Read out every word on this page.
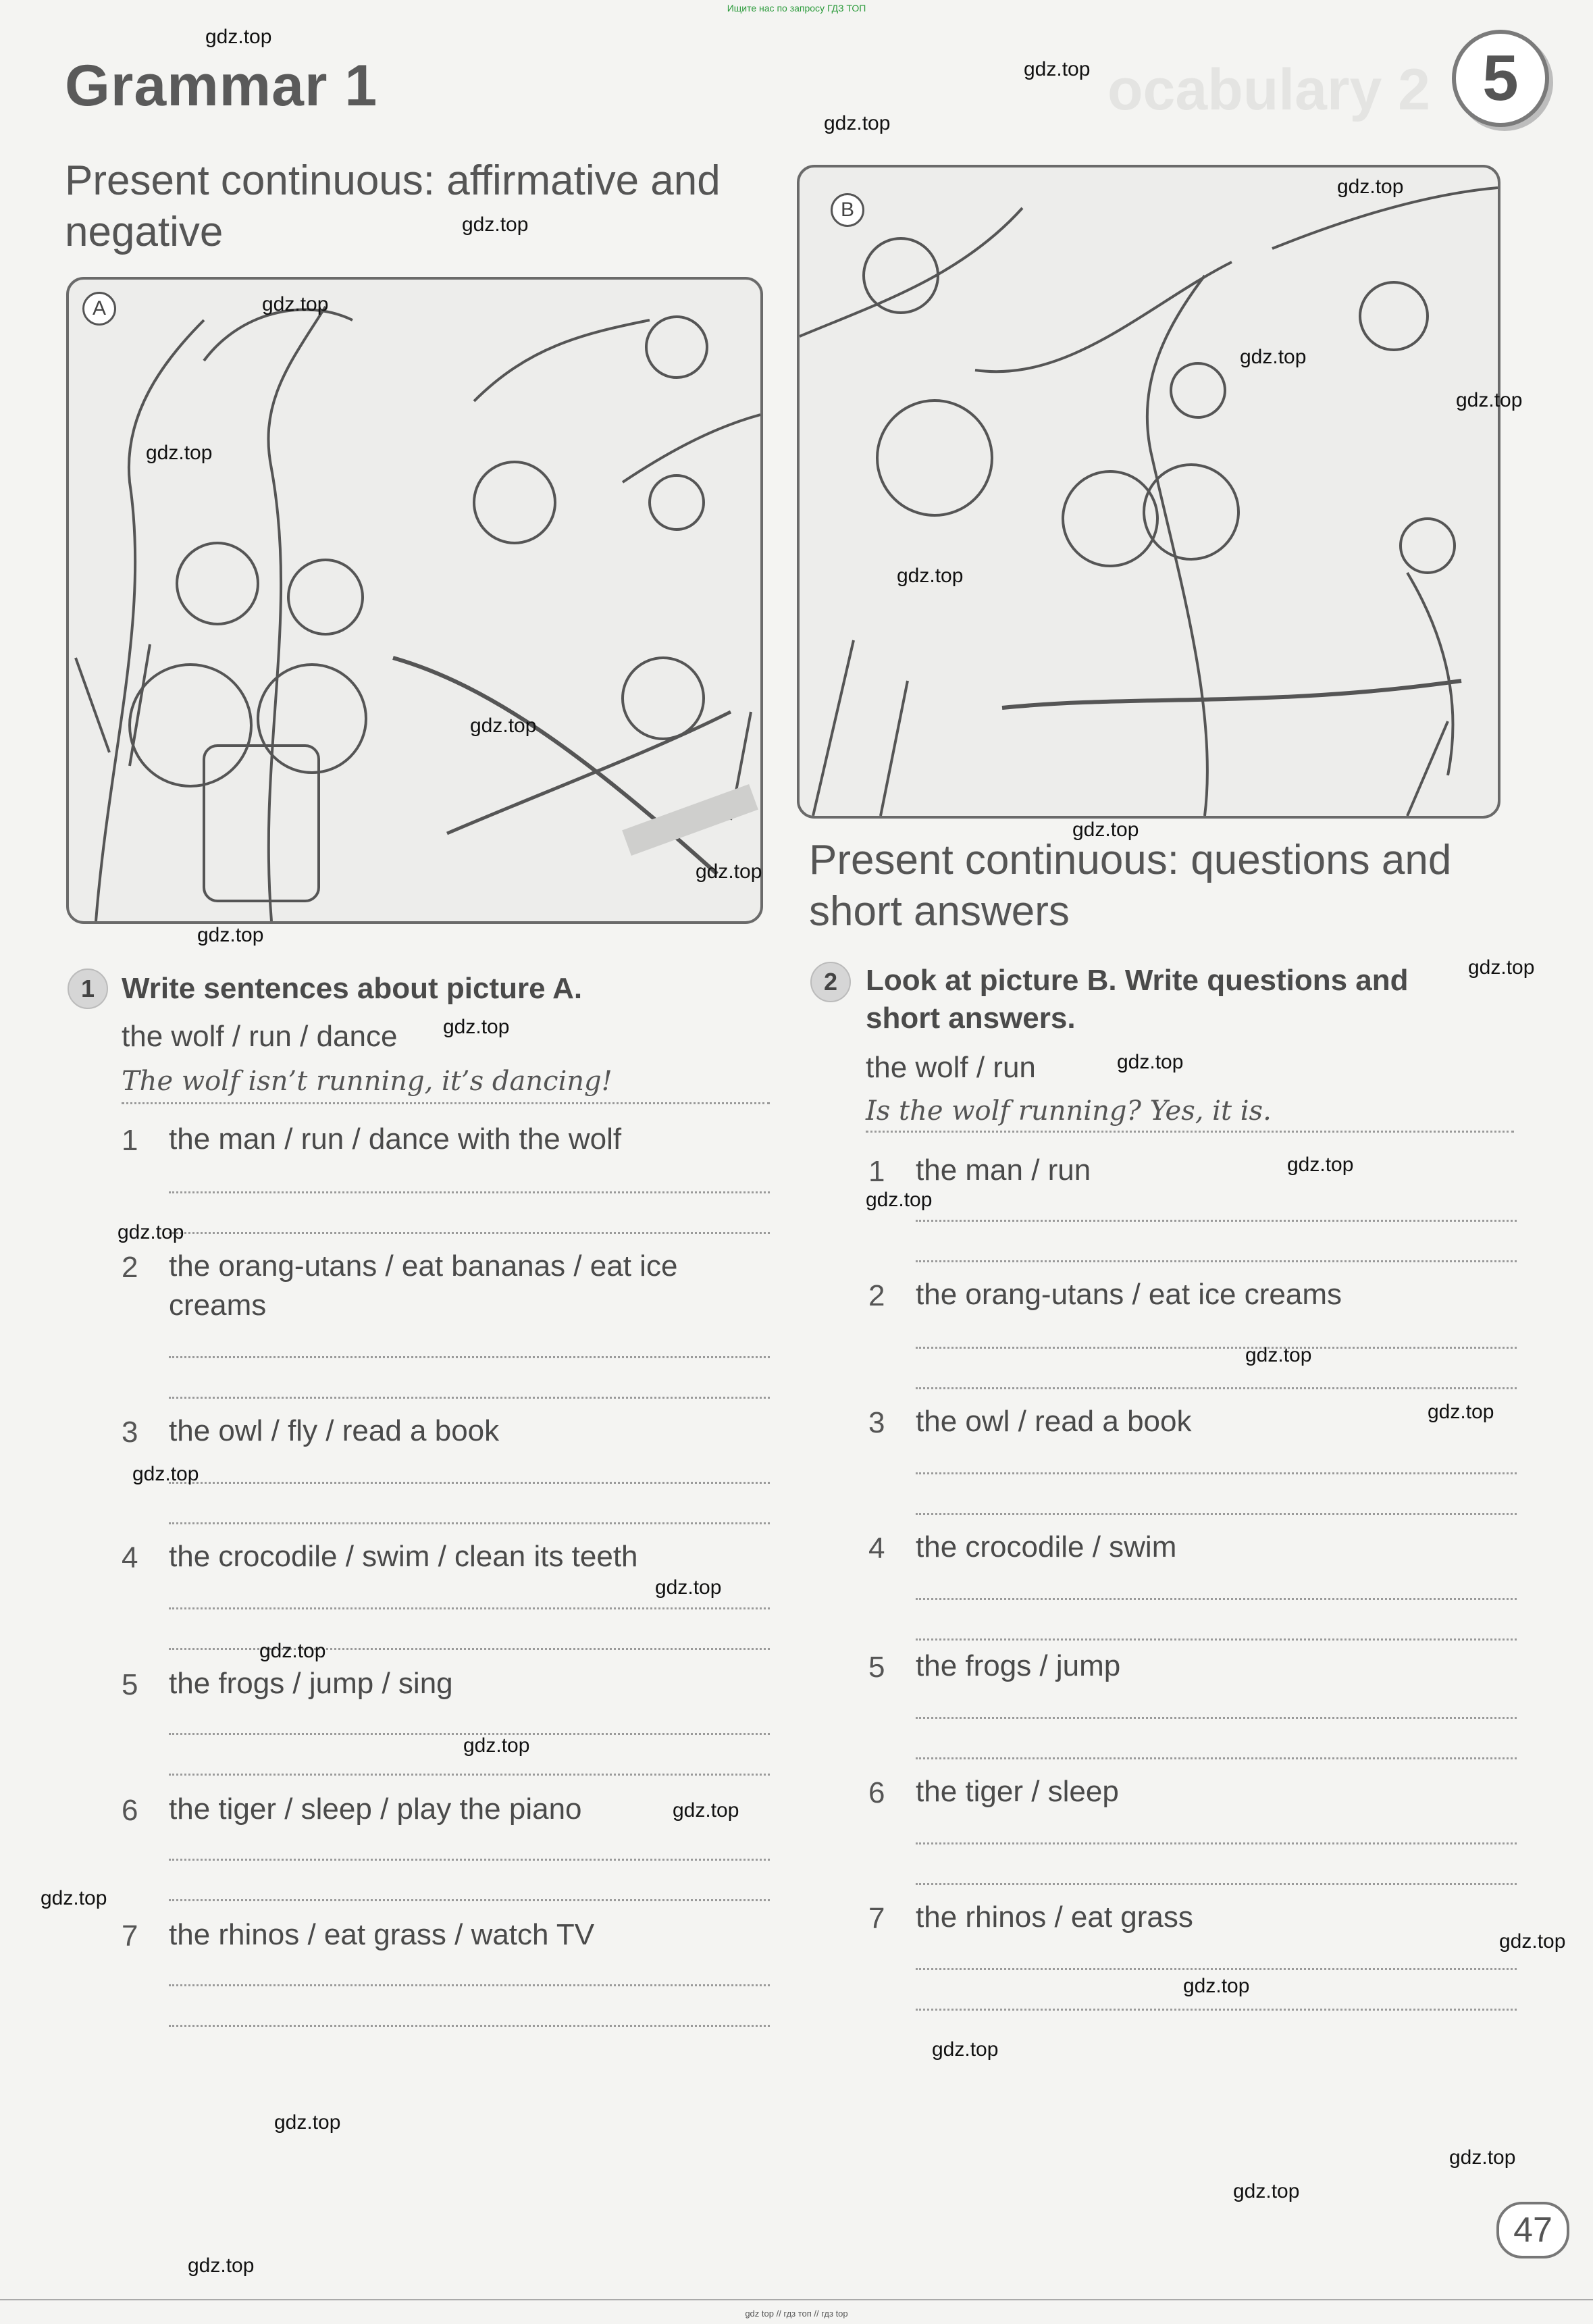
Ищите нас по запросу ГДЗ ТОП
ocabulary 2
Grammar 1	5
Present continuous: affirmative and negative
A
1 Write sentences about picture A.
the wolf / run / dance
The wolf isn’t running, it’s dancing!
1 the man / run / dance with the wolf
2 the orang-utans / eat bananas / eat ice creams
3 the owl / fly / read a book
4 the crocodile / swim / clean its teeth
5 the frogs / jump / sing
6 the tiger / sleep / play the piano
7 the rhinos / eat grass / watch TV
B
Present continuous: questions and short answers
2 Look at picture B. Write questions and short answers.
the wolf / run
Is the wolf running? Yes, it is.
1 the man / run
2 the orang-utans / eat ice creams
3 the owl / read a book
4 the crocodile / swim
5 the frogs / jump
6 the tiger / sleep
7 the rhinos / eat grass
gdz.top
gdz.top
gdz.top
gdz.top
gdz.top
gdz.top
gdz.top
gdz.top
gdz.top
gdz.top
gdz.top
gdz.top
gdz.top
gdz.top
gdz.top
gdz.top
gdz.top
gdz.top
gdz.top
gdz.top
gdz.top
gdz.top
gdz.top
gdz.top
gdz.top
gdz.top
gdz.top
gdz.top
gdz.top
gdz.top
gdz.top
gdz.top
gdz.top
gdz.top
gdz.top
47
gdz top // гдз топ // гдз top
